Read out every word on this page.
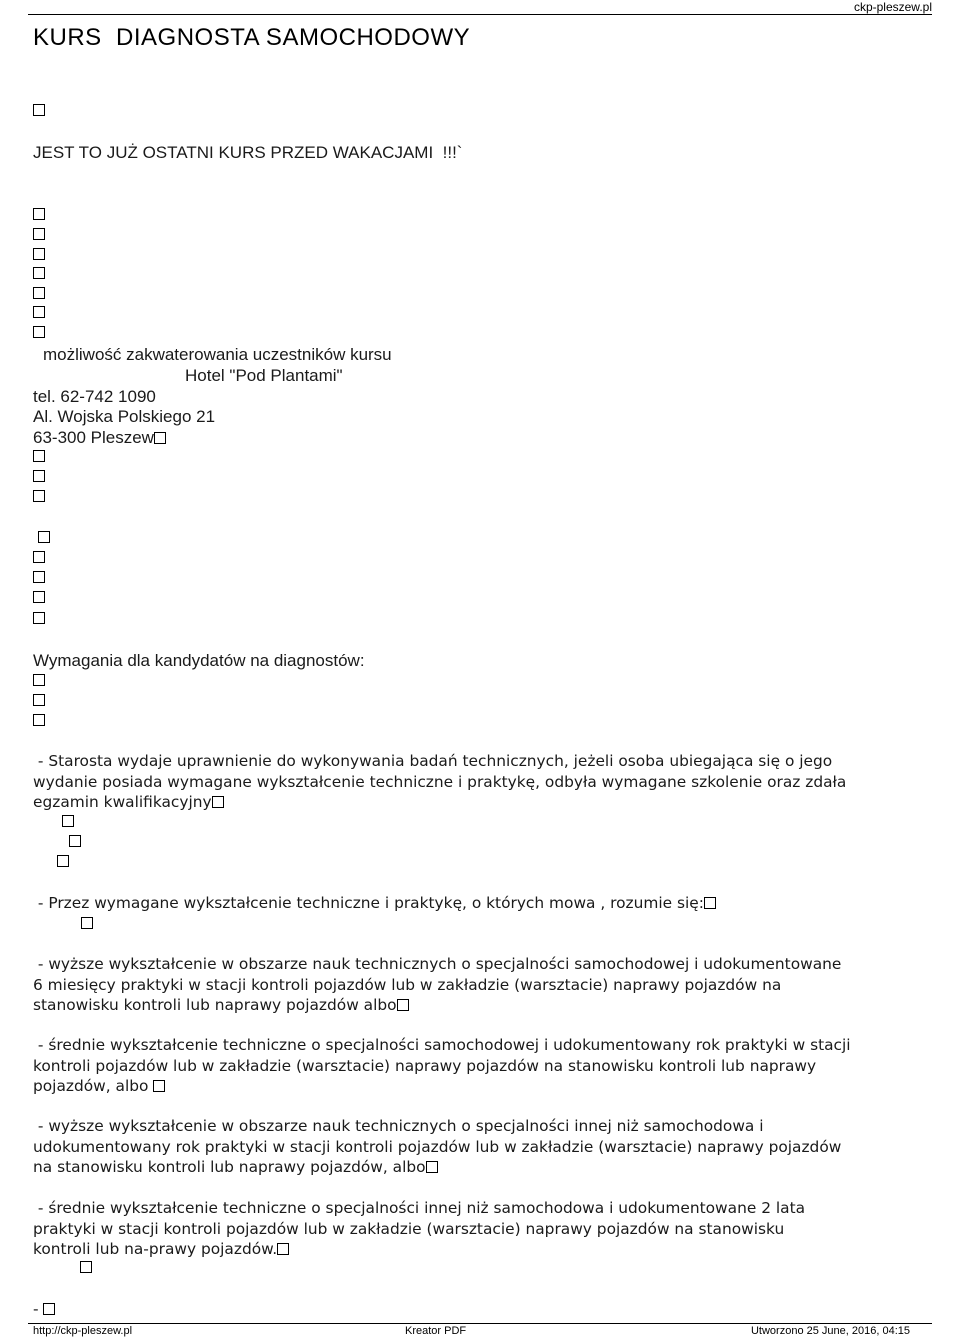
ckp-pleszew.pl
KURS  DIAGNOSTA SAMOCHODOWY
JEST TO JUŻ OSTATNI KURS PRZED WAKACJAMI  !!!`
możliwość zakwaterowania uczestników kursu
Hotel "Pod Plantami"
tel. 62-742 1090
Al. Wojska Polskiego 21
63-300 Pleszew
Wymagania dla kandydatów na diagnostów:
- Starosta wydaje uprawnienie do wykonywania badań technicznych, jeżeli osoba ubiegająca się o jego
wydanie posiada wymagane wykształcenie techniczne i praktykę, odbyła wymagane szkolenie oraz zdała
egzamin kwalifikacyjny
- Przez wymagane wykształcenie techniczne i praktykę, o których mowa , rozumie się:
- wyższe wykształcenie w obszarze nauk technicznych o specjalności samochodowej i udokumentowane
6 miesięcy praktyki w stacji kontroli pojazdów lub w zakładzie (warsztacie) naprawy pojazdów na
stanowisku kontroli lub naprawy pojazdów albo
- średnie wykształcenie techniczne o specjalności samochodowej i udokumentowany rok praktyki w stacji
kontroli pojazdów lub w zakładzie (warsztacie) naprawy pojazdów na stanowisku kontroli lub naprawy
pojazdów, albo
- wyższe wykształcenie w obszarze nauk technicznych o specjalności innej niż samochodowa i
udokumentowany rok praktyki w stacji kontroli pojazdów lub w zakładzie (warsztacie) naprawy pojazdów
na stanowisku kontroli lub naprawy pojazdów, albo
- średnie wykształcenie techniczne o specjalności innej niż samochodowa i udokumentowane 2 lata
praktyki w stacji kontroli pojazdów lub w zakładzie (warsztacie) naprawy pojazdów na stanowisku
kontroli lub na-prawy pojazdów.
-
http://ckp-pleszew.pl	Kreator PDF	Utworzono 25 June, 2016, 04:15
